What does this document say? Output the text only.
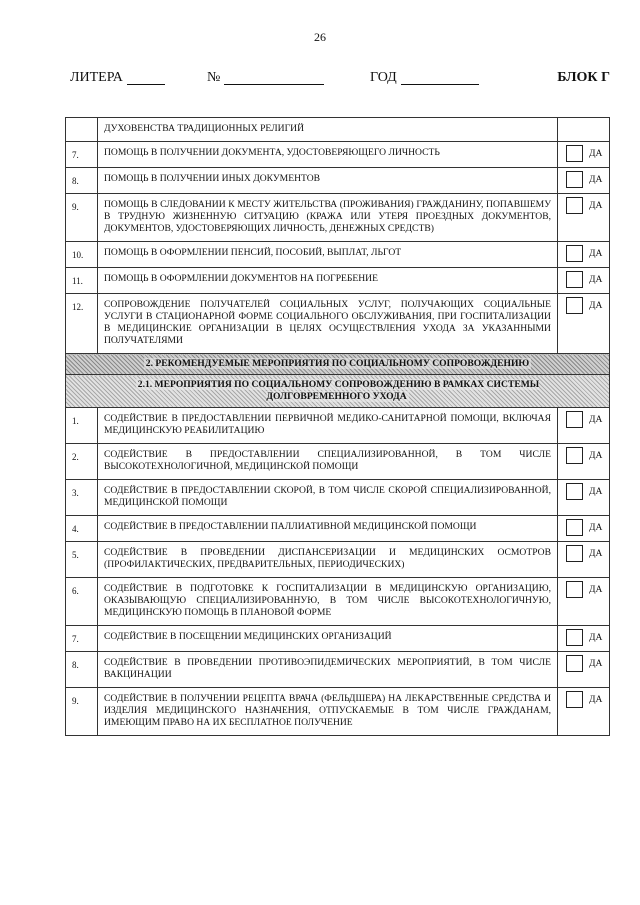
26
ЛИТЕРА	№	ГОД	БЛОК Г
	ДУХОВЕНСТВА ТРАДИЦИОННЫХ РЕЛИГИЙ	
7.	ПОМОЩЬ В ПОЛУЧЕНИИ ДОКУМЕНТА, УДОСТОВЕРЯЮЩЕГО ЛИЧНОСТЬ	ДА
8.	ПОМОЩЬ В ПОЛУЧЕНИИ ИНЫХ ДОКУМЕНТОВ	ДА
9.	ПОМОЩЬ В СЛЕДОВАНИИ К МЕСТУ ЖИТЕЛЬСТВА (ПРОЖИВАНИЯ) ГРАЖДАНИНУ, ПОПАВШЕМУ В ТРУДНУЮ ЖИЗНЕННУЮ СИТУАЦИЮ (КРАЖА ИЛИ УТЕРЯ ПРОЕЗДНЫХ ДОКУМЕНТОВ, ДОКУМЕНТОВ, УДОСТОВЕРЯЮЩИХ ЛИЧНОСТЬ, ДЕНЕЖНЫХ СРЕДСТВ)	ДА
10.	ПОМОЩЬ В ОФОРМЛЕНИИ ПЕНСИЙ, ПОСОБИЙ, ВЫПЛАТ, ЛЬГОТ	ДА
11.	ПОМОЩЬ В ОФОРМЛЕНИИ ДОКУМЕНТОВ НА ПОГРЕБЕНИЕ	ДА
12.	СОПРОВОЖДЕНИЕ ПОЛУЧАТЕЛЕЙ СОЦИАЛЬНЫХ УСЛУГ, ПОЛУЧАЮЩИХ СОЦИАЛЬНЫЕ УСЛУГИ В СТАЦИОНАРНОЙ ФОРМЕ СОЦИАЛЬНОГО ОБСЛУЖИВАНИЯ, ПРИ ГОСПИТАЛИЗАЦИИ В МЕДИЦИНСКИЕ ОРГАНИЗАЦИИ В ЦЕЛЯХ ОСУЩЕСТВЛЕНИЯ УХОДА ЗА УКАЗАННЫМИ ПОЛУЧАТЕЛЯМИ	ДА
2. РЕКОМЕНДУЕМЫЕ МЕРОПРИЯТИЯ ПО СОЦИАЛЬНОМУ СОПРОВОЖДЕНИЮ		
2.1. МЕРОПРИЯТИЯ ПО СОЦИАЛЬНОМУ СОПРОВОЖДЕНИЮ В РАМКАХ СИСТЕМЫ ДОЛГОВРЕМЕННОГО УХОДА		
1.	СОДЕЙСТВИЕ В ПРЕДОСТАВЛЕНИИ ПЕРВИЧНОЙ МЕДИКО-САНИТАРНОЙ ПОМОЩИ, ВКЛЮЧАЯ МЕДИЦИНСКУЮ РЕАБИЛИТАЦИЮ	ДА
2.	СОДЕЙСТВИЕ В ПРЕДОСТАВЛЕНИИ СПЕЦИАЛИЗИРОВАННОЙ, В ТОМ ЧИСЛЕ ВЫСОКОТЕХНОЛОГИЧНОЙ, МЕДИЦИНСКОЙ ПОМОЩИ	ДА
3.	СОДЕЙСТВИЕ В ПРЕДОСТАВЛЕНИИ СКОРОЙ, В ТОМ ЧИСЛЕ СКОРОЙ СПЕЦИАЛИЗИРОВАННОЙ, МЕДИЦИНСКОЙ ПОМОЩИ	ДА
4.	СОДЕЙСТВИЕ В ПРЕДОСТАВЛЕНИИ ПАЛЛИАТИВНОЙ МЕДИЦИНСКОЙ ПОМОЩИ	ДА
5.	СОДЕЙСТВИЕ В ПРОВЕДЕНИИ ДИСПАНСЕРИЗАЦИИ И МЕДИЦИНСКИХ ОСМОТРОВ (ПРОФИЛАКТИЧЕСКИХ, ПРЕДВАРИТЕЛЬНЫХ, ПЕРИОДИЧЕСКИХ)	ДА
6.	СОДЕЙСТВИЕ В ПОДГОТОВКЕ К ГОСПИТАЛИЗАЦИИ В МЕДИЦИНСКУЮ ОРГАНИЗАЦИЮ, ОКАЗЫВАЮЩУЮ СПЕЦИАЛИЗИРОВАННУЮ, В ТОМ ЧИСЛЕ ВЫСОКОТЕХНОЛОГИЧНУЮ, МЕДИЦИНСКУЮ ПОМОЩЬ В ПЛАНОВОЙ ФОРМЕ	ДА
7.	СОДЕЙСТВИЕ В ПОСЕЩЕНИИ МЕДИЦИНСКИХ ОРГАНИЗАЦИЙ	ДА
8.	СОДЕЙСТВИЕ В ПРОВЕДЕНИИ ПРОТИВОЭПИДЕМИЧЕСКИХ МЕРОПРИЯТИЙ, В ТОМ ЧИСЛЕ ВАКЦИНАЦИИ	ДА
9.	СОДЕЙСТВИЕ В ПОЛУЧЕНИИ РЕЦЕПТА ВРАЧА (ФЕЛЬДШЕРА) НА ЛЕКАРСТВЕННЫЕ СРЕДСТВА И ИЗДЕЛИЯ МЕДИЦИНСКОГО НАЗНАЧЕНИЯ, ОТПУСКАЕМЫЕ В ТОМ ЧИСЛЕ ГРАЖДАНАМ, ИМЕЮЩИМ ПРАВО НА ИХ БЕСПЛАТНОЕ ПОЛУЧЕНИЕ	ДА
